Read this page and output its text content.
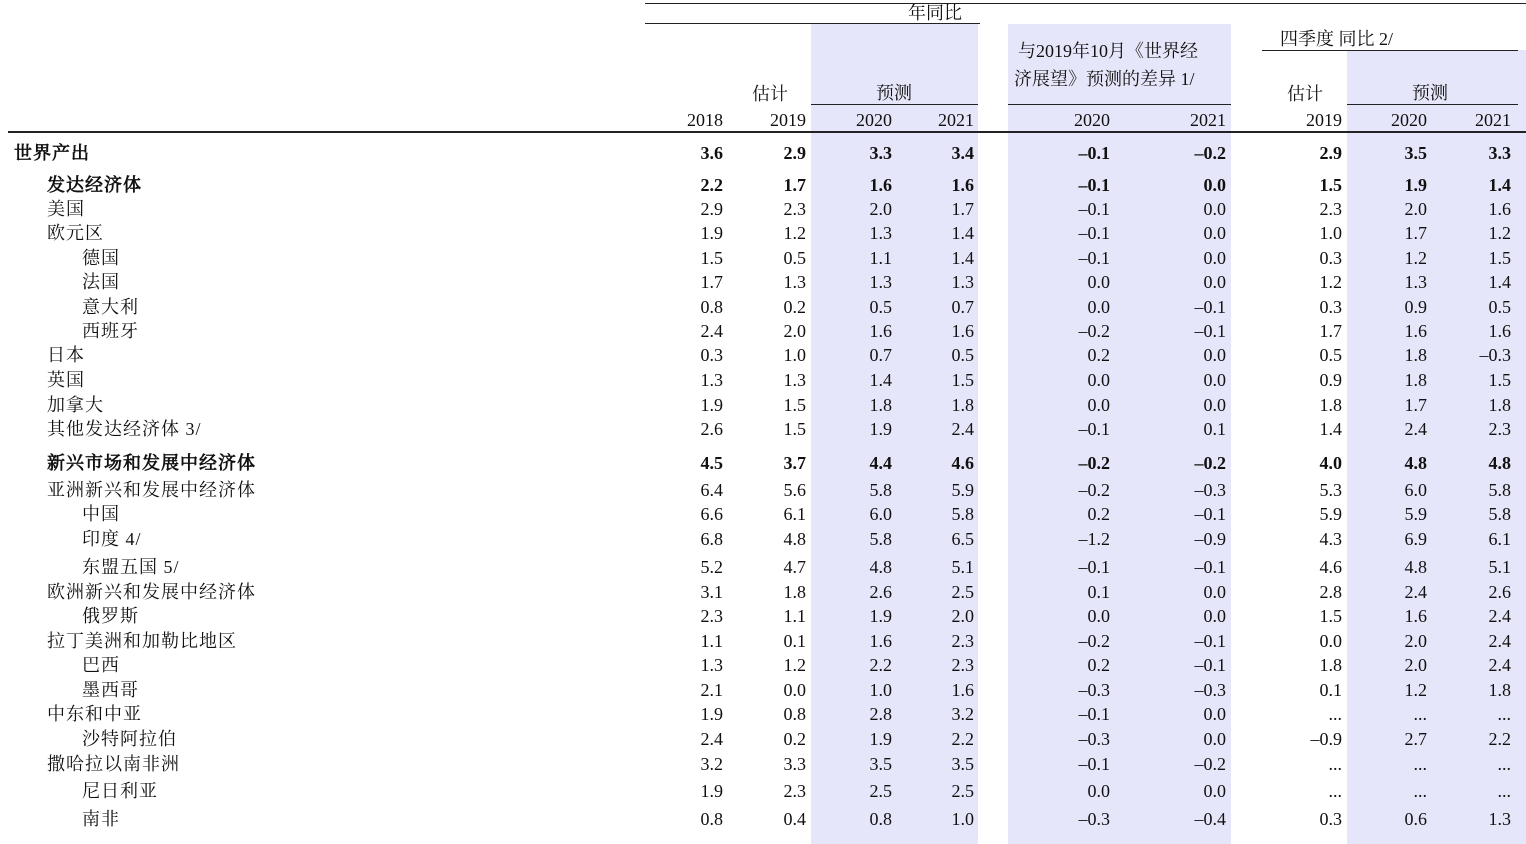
年同比
与2019年10月《世界经
济展望》预测的差异 1/
四季度 同比 2/
估计	预测	估计	预测
2018	2019	2020	2021	2020	2021	2019	2020	2021
世界产出	3.6	2.9	3.3	3.4	–0.1	–0.2	2.9	3.5	3.3
发达经济体	2.2	1.7	1.6	1.6	–0.1	0.0	1.5	1.9	1.4
美国	2.9	2.3	2.0	1.7	–0.1	0.0	2.3	2.0	1.6
欧元区	1.9	1.2	1.3	1.4	–0.1	0.0	1.0	1.7	1.2
德国	1.5	0.5	1.1	1.4	–0.1	0.0	0.3	1.2	1.5
法国	1.7	1.3	1.3	1.3	0.0	0.0	1.2	1.3	1.4
意大利	0.8	0.2	0.5	0.7	0.0	–0.1	0.3	0.9	0.5
西班牙	2.4	2.0	1.6	1.6	–0.2	–0.1	1.7	1.6	1.6
日本	0.3	1.0	0.7	0.5	0.2	0.0	0.5	1.8	–0.3
英国	1.3	1.3	1.4	1.5	0.0	0.0	0.9	1.8	1.5
加拿大	1.9	1.5	1.8	1.8	0.0	0.0	1.8	1.7	1.8
其他发达经济体 3/	2.6	1.5	1.9	2.4	–0.1	0.1	1.4	2.4	2.3
新兴市场和发展中经济体	4.5	3.7	4.4	4.6	–0.2	–0.2	4.0	4.8	4.8
亚洲新兴和发展中经济体	6.4	5.6	5.8	5.9	–0.2	–0.3	5.3	6.0	5.8
中国	6.6	6.1	6.0	5.8	0.2	–0.1	5.9	5.9	5.8
印度 4/	6.8	4.8	5.8	6.5	–1.2	–0.9	4.3	6.9	6.1
东盟五国 5/	5.2	4.7	4.8	5.1	–0.1	–0.1	4.6	4.8	5.1
欧洲新兴和发展中经济体	3.1	1.8	2.6	2.5	0.1	0.0	2.8	2.4	2.6
俄罗斯	2.3	1.1	1.9	2.0	0.0	0.0	1.5	1.6	2.4
拉丁美洲和加勒比地区	1.1	0.1	1.6	2.3	–0.2	–0.1	0.0	2.0	2.4
巴西	1.3	1.2	2.2	2.3	0.2	–0.1	1.8	2.0	2.4
墨西哥	2.1	0.0	1.0	1.6	–0.3	–0.3	0.1	1.2	1.8
中东和中亚	1.9	0.8	2.8	3.2	–0.1	0.0	...	...	...
沙特阿拉伯	2.4	0.2	1.9	2.2	–0.3	0.0	–0.9	2.7	2.2
撒哈拉以南非洲	3.2	3.3	3.5	3.5	–0.1	–0.2	...	...	...
尼日利亚	1.9	2.3	2.5	2.5	0.0	0.0	...	...	...
南非	0.8	0.4	0.8	1.0	–0.3	–0.4	0.3	0.6	1.3
